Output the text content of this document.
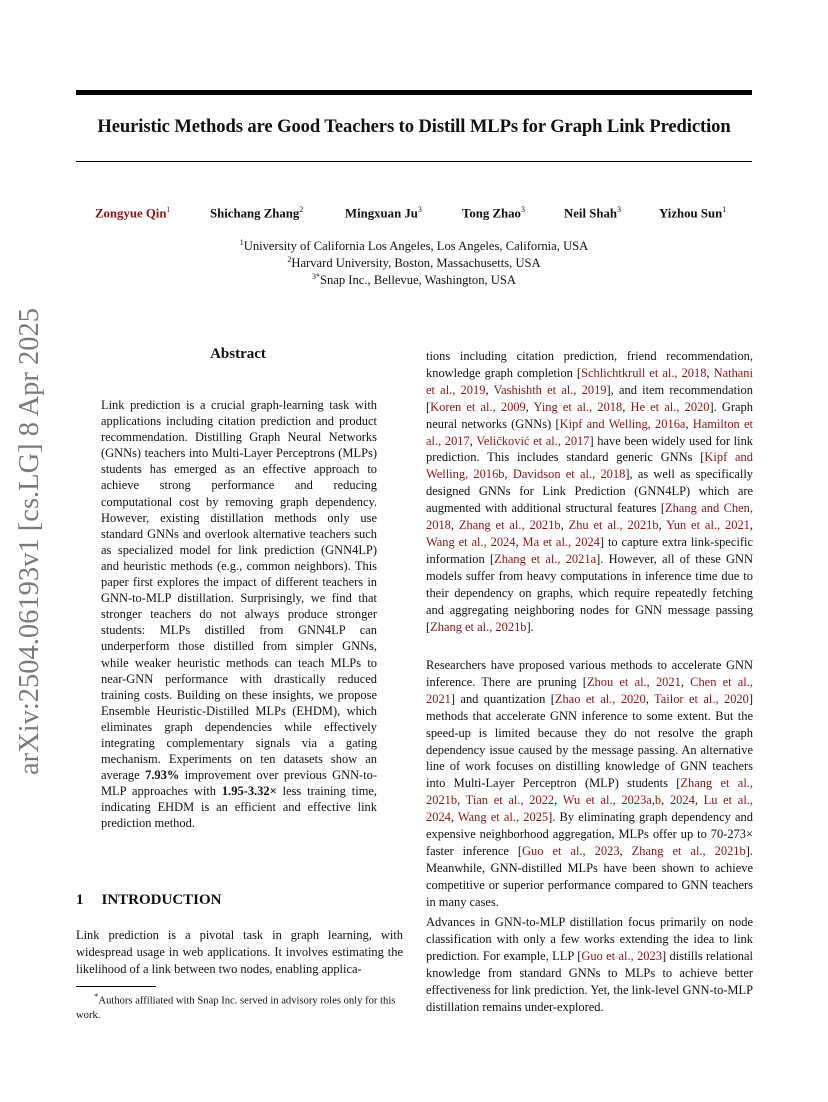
Heuristic Methods are Good Teachers to Distill MLPs for Graph Link Prediction
Zongyue Qin$^1$	Shichang Zhang$^2$	Mingxuan Ju$^3$	Tong Zhao$^3$	Neil Shah$^3$	Yizhou Sun$^1$
$^1$University of California Los Angeles, Los Angeles, California, USA
$^2$Harvard University, Boston, Massachusetts, USA
$^{3*}$Snap Inc., Bellevue, Washington, USA
arXiv:2504.06193v1 [cs.LG] 8 Apr 2025	Abstract
Link prediction is a crucial graph-learning task with applications including citation prediction and product recommendation. Distilling Graph Neural Networks (GNNs) teachers into Multi-Layer Perceptrons (MLPs) students has emerged as an effective approach to achieve strong performance and reducing computational cost by removing graph dependency. However, existing distillation methods only use standard GNNs and overlook alternative teachers such as specialized model for link prediction (GNN4LP) and heuristic methods (e.g., common neighbors). This paper first explores the impact of different teachers in GNN-to-MLP distillation. Surprisingly, we find that stronger teachers do not always produce stronger students: MLPs distilled from GNN4LP can underperform those distilled from simpler GNNs, while weaker heuristic methods can teach MLPs to near-GNN performance with drastically reduced training costs. Building on these insights, we propose Ensemble Heuristic-Distilled MLPs (EHDM), which eliminates graph dependencies while effectively integrating complementary signals via a gating mechanism. Experiments on ten datasets show an average 7.93% improvement over previous GNN-to-MLP approaches with 1.95-3.32× less training time, indicating EHDM is an efficient and effective link prediction method.
1 INTRODUCTION
Link prediction is a pivotal task in graph learning, with widespread usage in web applications. It involves estimating the likelihood of a link between two nodes, enabling applica-
*Authors affiliated with Snap Inc. served in advisory roles only for this work.
tions including citation prediction, friend recommendation, knowledge graph completion [Schlichtkrull et al., 2018, Nathani et al., 2019, Vashishth et al., 2019], and item recommendation [Koren et al., 2009, Ying et al., 2018, He et al., 2020]. Graph neural networks (GNNs) [Kipf and Welling, 2016a, Hamilton et al., 2017, Veličković et al., 2017] have been widely used for link prediction. This includes standard generic GNNs [Kipf and Welling, 2016b, Davidson et al., 2018], as well as specifically designed GNNs for Link Prediction (GNN4LP) which are augmented with additional structural features [Zhang and Chen, 2018, Zhang et al., 2021b, Zhu et al., 2021b, Yun et al., 2021, Wang et al., 2024, Ma et al., 2024] to capture extra link-specific information [Zhang et al., 2021a]. However, all of these GNN models suffer from heavy computations in inference time due to their dependency on graphs, which require repeatedly fetching and aggregating neighboring nodes for GNN message passing [Zhang et al., 2021b].
Researchers have proposed various methods to accelerate GNN inference. There are pruning [Zhou et al., 2021, Chen et al., 2021] and quantization [Zhao et al., 2020, Tailor et al., 2020] methods that accelerate GNN inference to some extent. But the speed-up is limited because they do not resolve the graph dependency issue caused by the message passing. An alternative line of work focuses on distilling knowledge of GNN teachers into Multi-Layer Perceptron (MLP) students [Zhang et al., 2021b, Tian et al., 2022, Wu et al., 2023a,b, 2024, Lu et al., 2024, Wang et al., 2025]. By eliminating graph dependency and expensive neighborhood aggregation, MLPs offer up to 70-273× faster inference [Guo et al., 2023, Zhang et al., 2021b]. Meanwhile, GNN-distilled MLPs have been shown to achieve competitive or superior performance compared to GNN teachers in many cases.
Advances in GNN-to-MLP distillation focus primarily on node classification with only a few works extending the idea to link prediction. For example, LLP [Guo et al., 2023] distills relational knowledge from standard GNNs to MLPs to achieve better effectiveness for link prediction. Yet, the link-level GNN-to-MLP distillation remains under-explored.
